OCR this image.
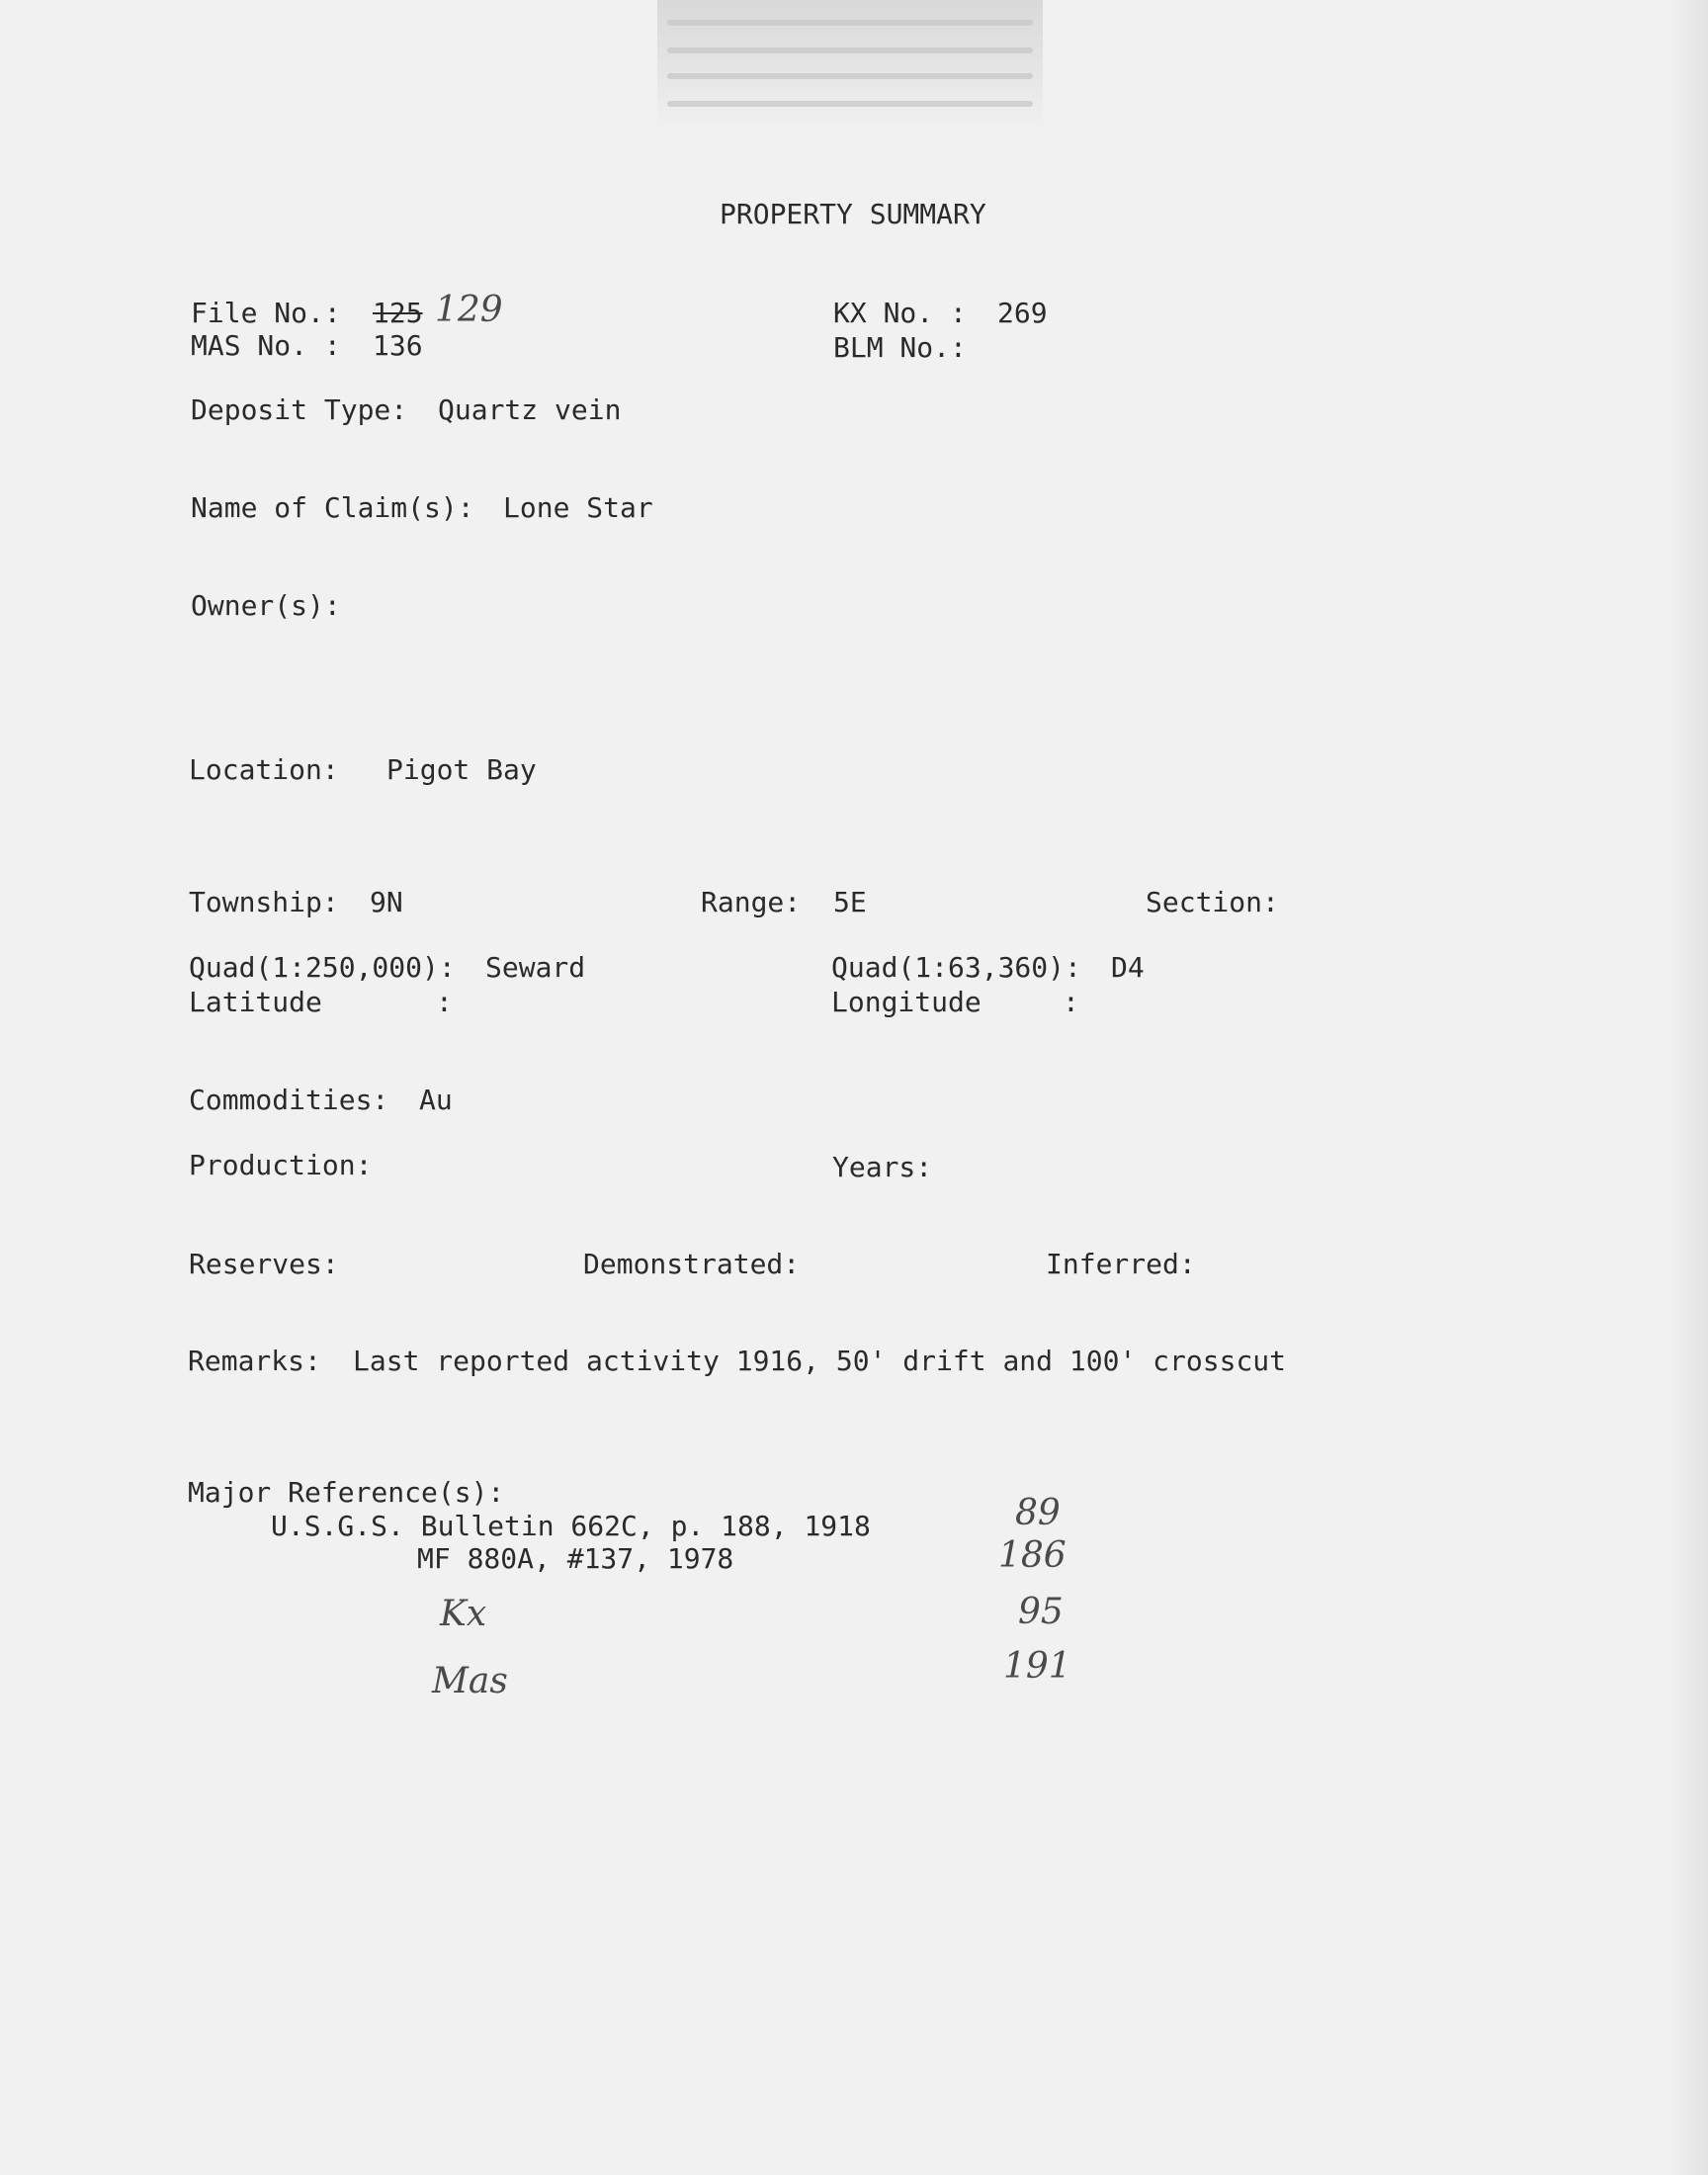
PROPERTY SUMMARY
File No.: 125 129	KX No. : 269
MAS No. : 136	BLM No.:
Deposit Type: Quartz vein
Name of Claim(s): Lone Star
Owner(s):
Location: Pigot Bay
Township: 9N	Range: 5E	Section:
Quad(1:250,000): Seward	Quad(1:63,360): D4
Latitude	:	Longitude	:
Commodities: Au
Production:	Years:
Reserves:	Demonstrated:	Inferred:
Remarks: Last reported activity 1916, 50' drift and 100' crosscut
Major Reference(s):
U.S.G.S. Bulletin 662C, p. 188, 1918	89
MF 880A, #137, 1978	186
Kx	95
Mas	191
